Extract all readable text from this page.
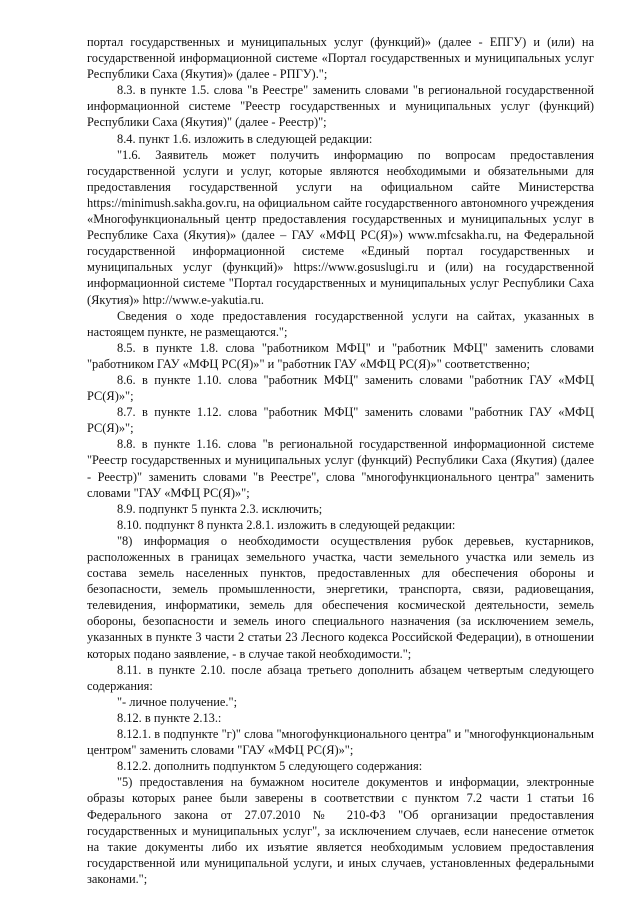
портал государственных и муниципальных услуг (функций)» (далее - ЕПГУ) и (или) на государственной информационной системе «Портал государственных и муниципальных услуг Республики Саха (Якутия)» (далее - РПГУ).";

8.3. в пункте 1.5. слова "в Реестре" заменить словами "в региональной государственной информационной системе "Реестр государственных и муниципальных услуг (функций) Республики Саха (Якутия)" (далее - Реестр)";

8.4. пункт 1.6. изложить в следующей редакции:

"1.6. Заявитель может получить информацию по вопросам предоставления государственной услуги и услуг, которые являются необходимыми и обязательными для предоставления государственной услуги на официальном сайте Министерства https://minimush.sakha.gov.ru, на официальном сайте государственного автономного учреждения «Многофункциональный центр предоставления государственных и муниципальных услуг в Республике Саха (Якутия)» (далее – ГАУ «МФЦ РС(Я)») www.mfcsakha.ru, на Федеральной государственной информационной системе «Единый портал государственных и муниципальных услуг (функций)» https://www.gosuslugi.ru и (или) на государственной информационной системе "Портал государственных и муниципальных услуг Республики Саха (Якутия)» http://www.e-yakutia.ru.

Сведения о ходе предоставления государственной услуги на сайтах, указанных в настоящем пункте, не размещаются.";

8.5. в пункте 1.8. слова "работником МФЦ" и "работник МФЦ" заменить словами "работником ГАУ «МФЦ РС(Я)»" и "работник ГАУ «МФЦ РС(Я)»" соответственно;

8.6. в пункте 1.10. слова "работник МФЦ" заменить словами "работник ГАУ «МФЦ РС(Я)»";

8.7. в пункте 1.12. слова "работник МФЦ" заменить словами "работник ГАУ «МФЦ РС(Я)»";

8.8. в пункте 1.16. слова "в региональной государственной информационной системе "Реестр государственных и муниципальных услуг (функций) Республики Саха (Якутия) (далее - Реестр)" заменить словами "в Реестре", слова "многофункционального центра" заменить словами "ГАУ «МФЦ РС(Я)»";

8.9. подпункт 5 пункта 2.3. исключить;

8.10. подпункт 8 пункта 2.8.1. изложить в следующей редакции:

"8) информация о необходимости осуществления рубок деревьев, кустарников, расположенных в границах земельного участка, части земельного участка или земель из состава земель населенных пунктов, предоставленных для обеспечения обороны и безопасности, земель промышленности, энергетики, транспорта, связи, радиовещания, телевидения, информатики, земель для обеспечения космической деятельности, земель обороны, безопасности и земель иного специального назначения (за исключением земель, указанных в пункте 3 части 2 статьи 23 Лесного кодекса Российской Федерации), в отношении которых подано заявление, - в случае такой необходимости.";

8.11. в пункте 2.10. после абзаца третьего дополнить абзацем четвертым следующего содержания:

"- личное получение.";

8.12. в пункте 2.13.:

8.12.1. в подпункте "г)" слова "многофункционального центра" и "многофункциональным центром" заменить словами "ГАУ «МФЦ РС(Я)»";

8.12.2. дополнить подпунктом 5 следующего содержания:

"5) предоставления на бумажном носителе документов и информации, электронные образы которых ранее были заверены в соответствии с пунктом 7.2 части 1 статьи 16 Федерального закона от 27.07.2010 № 210-ФЗ "Об организации предоставления государственных и муниципальных услуг", за исключением случаев, если нанесение отметок на такие документы либо их изъятие является необходимым условием предоставления государственной или муниципальной услуги, и иных случаев, установленных федеральными законами.";
